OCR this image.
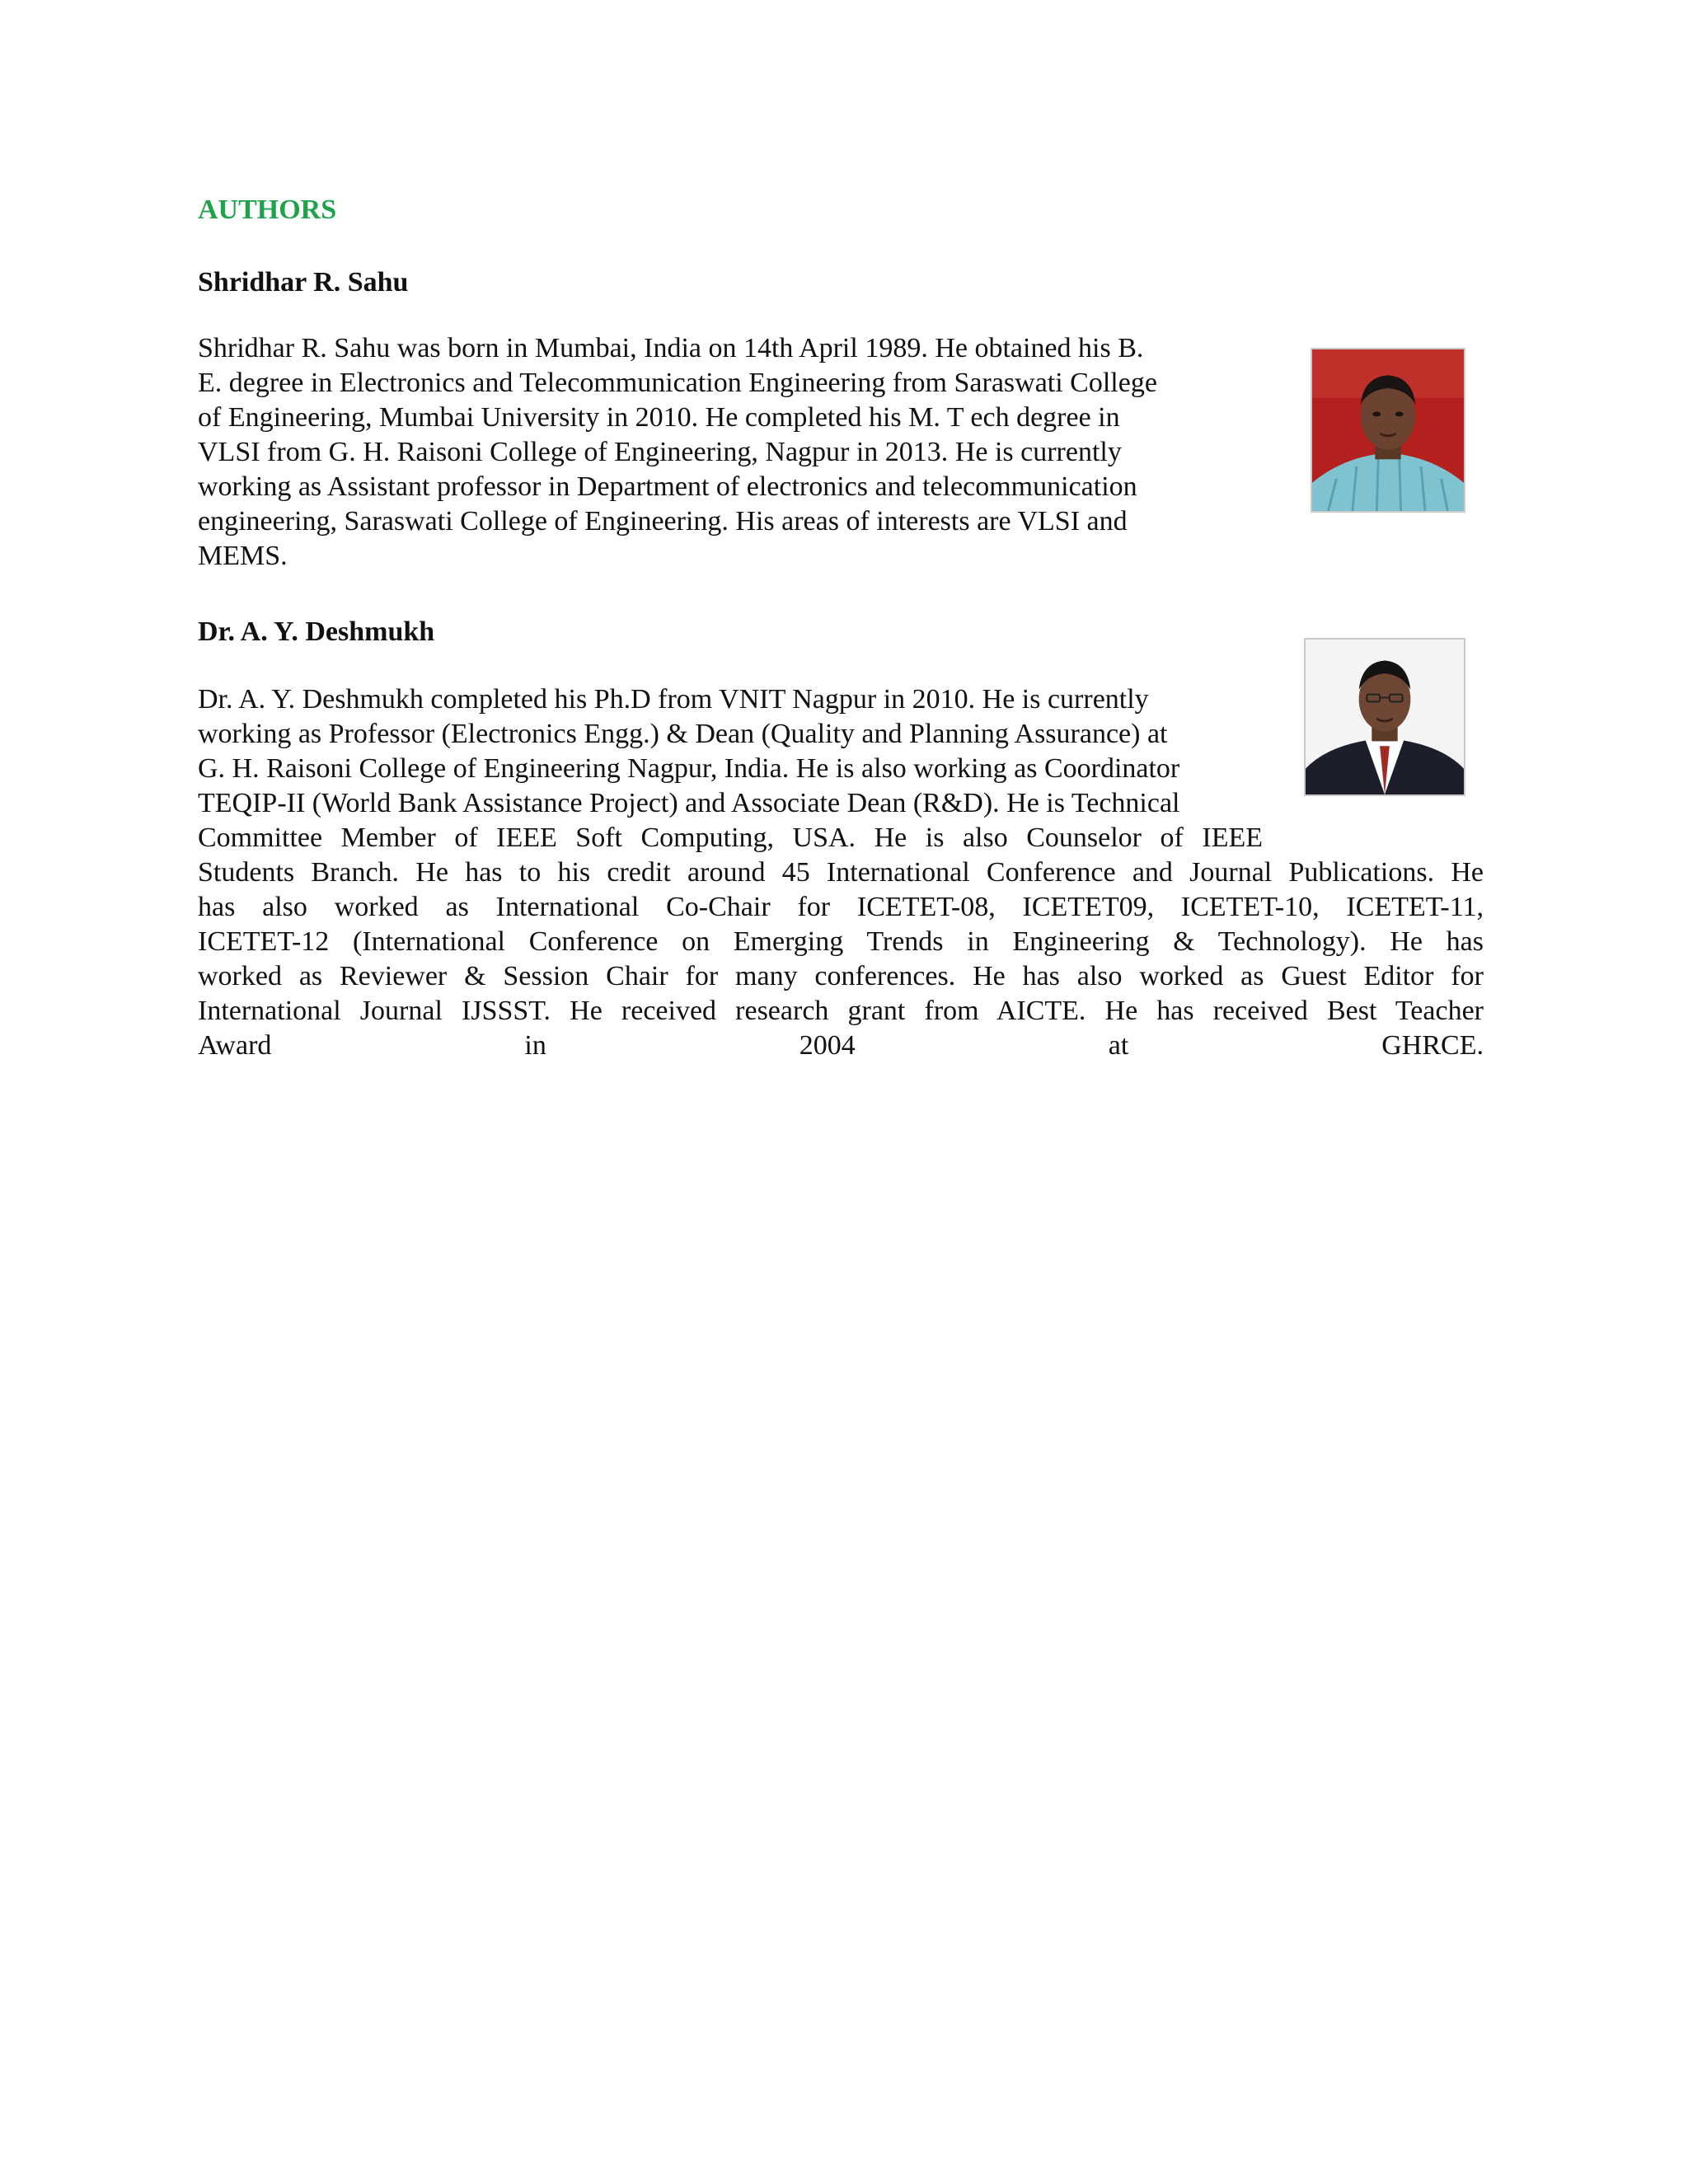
AUTHORS
Shridhar R. Sahu
Shridhar R. Sahu was born in Mumbai, India on 14th April 1989. He obtained his B.
E. degree in Electronics and Telecommunication Engineering from Saraswati College
of Engineering, Mumbai University in 2010. He completed his M. T ech degree in
VLSI from G. H. Raisoni College of Engineering, Nagpur in 2013. He is currently
working as Assistant professor in Department of electronics and telecommunication
engineering, Saraswati College of Engineering. His areas of interests are VLSI and
MEMS.
Dr. A. Y. Deshmukh
Dr. A. Y. Deshmukh completed his Ph.D from VNIT Nagpur in 2010. He is currently
working as Professor (Electronics Engg.) & Dean (Quality and Planning Assurance) at
G. H. Raisoni College of Engineering Nagpur, India. He is also working as Coordinator
TEQIP-II (World Bank Assistance Project) and Associate Dean (R&D). He is Technical
Committee Member of IEEE Soft Computing, USA. He is also Counselor of IEEE
Students Branch. He has to his credit around 45 International Conference and Journal Publications. He
has also worked as International Co-Chair for ICETET-08, ICETET09, ICETET-10, ICETET-11,
ICETET-12 (International Conference on Emerging Trends in Engineering & Technology). He has
worked as Reviewer & Session Chair for many conferences. He has also worked as Guest Editor for
International Journal IJSSST. He received research grant from AICTE. He has received Best Teacher
Award in 2004 at GHRCE.
